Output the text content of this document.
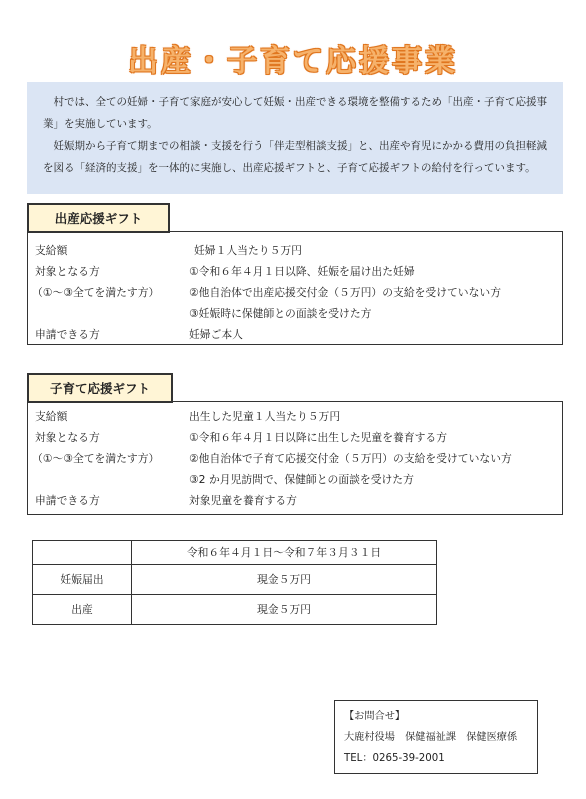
出産・子育て応援事業

村では、全ての妊婦・子育て家庭が安心して妊娠・出産できる環境を整備するため「出産・子育て応援事業」を実施しています。

妊娠期から子育て期までの相談・支援を行う「伴走型相談支援」と、出産や育児にかかる費用の負担軽減を図る「経済的支援」を一体的に実施し、出産応援ギフトと、子育て応援ギフトの給付を行っています。

出産応援ギフト
支給額	妊婦１人当たり５万円
対象となる方	①令和６年４月１日以降、妊娠を届け出た妊婦
（①～③全てを満たす方）	②他自治体で出産応援交付金（５万円）の支給を受けていない方
③妊娠時に保健師との面談を受けた方
申請できる方	妊婦ご本人
子育て応援ギフト
支給額	出生した児童１人当たり５万円
対象となる方	①令和６年４月１日以降に出生した児童を養育する方
（①～③全てを満たす方）	②他自治体で子育て応援交付金（５万円）の支給を受けていない方
③2 か月児訪問で、保健師との面談を受けた方
申請できる方	対象児童を養育する方
	令和６年４月１日～令和７年３月３１日
妊娠届出	現金５万円
出産	現金５万円
【お問合せ】
大鹿村役場　保健福祉課　保健医療係
TEL：0265-39-2001
